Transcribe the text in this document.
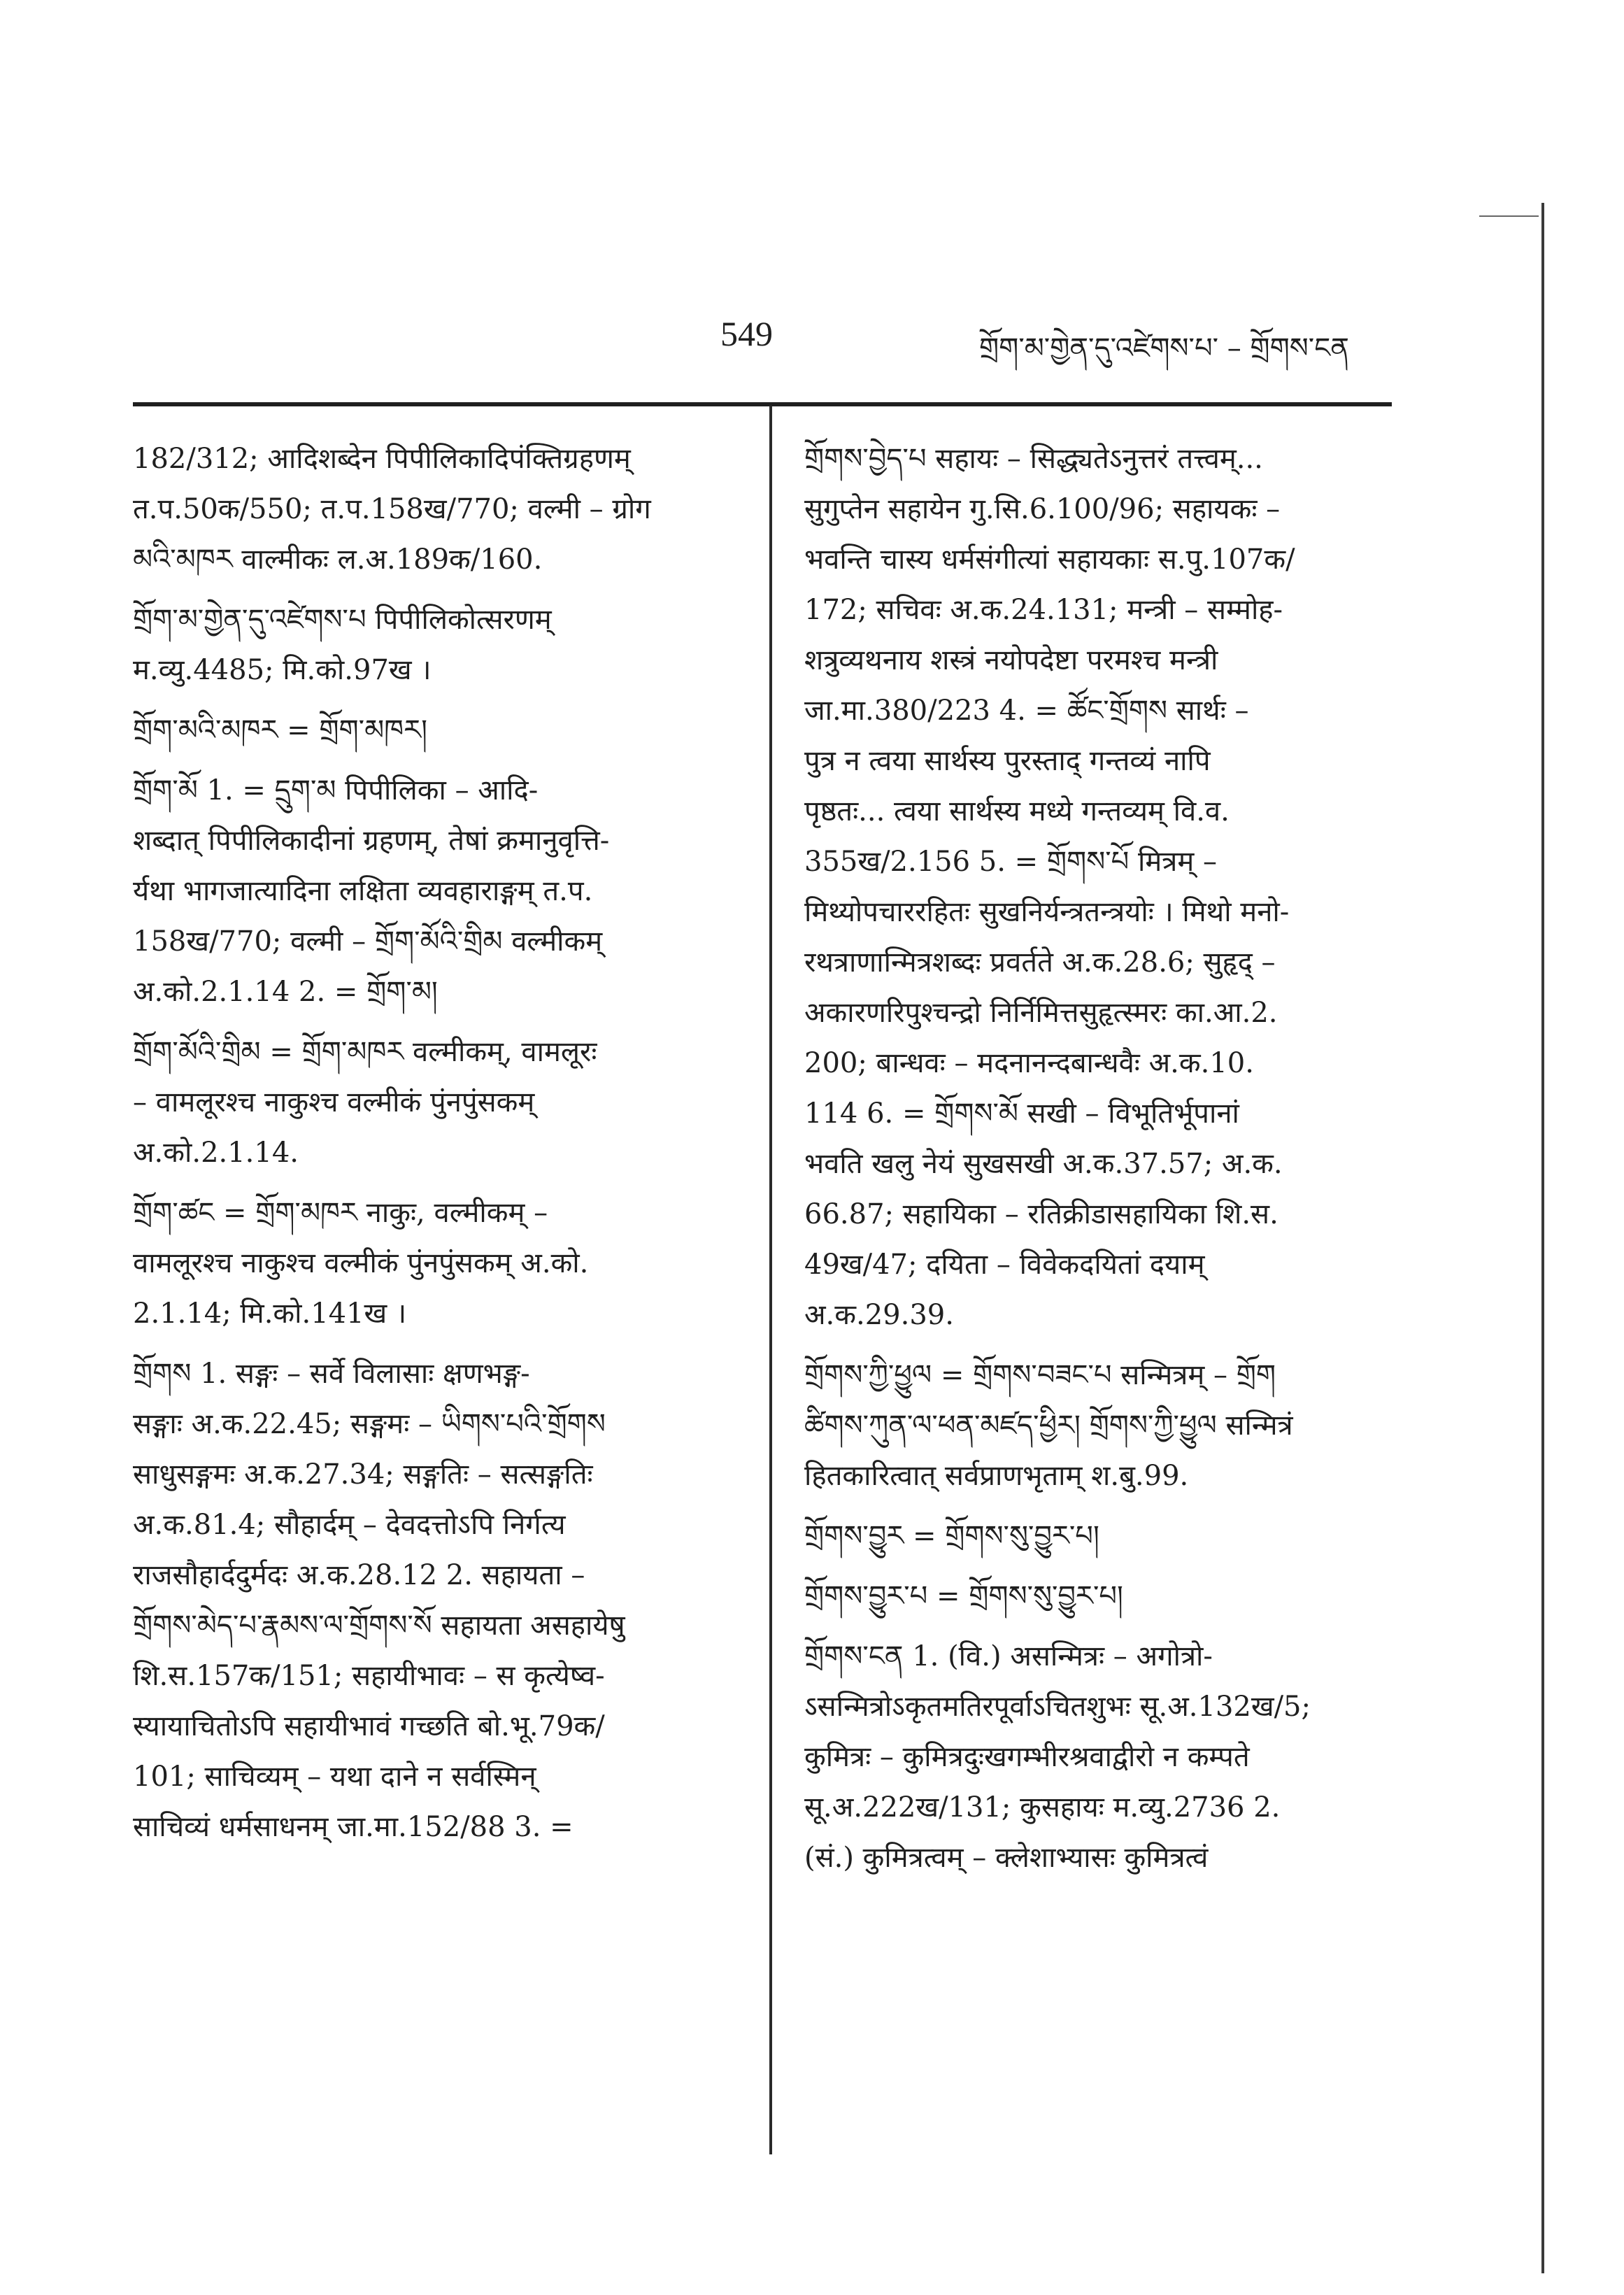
549	གྲོག་མ་གྱེན་དུ་འཛེགས་པ་ – གྲོགས་ངན
182/312; आदिशब्देन पिपीलिकादिपंक्तिग्रहणम्
त.प.50क/550; त.प.158ख/770; वल्मी – ग्रोग
མའི་མཁར वाल्मीकः ल.अ.189क/160.
གྲོག་མ་གྱེན་དུ་འཛེགས་པ पिपीलिकोत्सरणम्
म.व्यु.4485; मि.को.97ख ।
གྲོག་མའི་མཁར = གྲོག་མཁར།
གྲོག་མོ 1. = དྲུག་མ पिपीलिका – आदि-
शब्दात् पिपीलिकादीनां ग्रहणम्, तेषां क्रमानुवृत्ति-
र्यथा भागजात्यादिना लक्षिता व्यवहाराङ्गम् त.प.
158ख/770; वल्मी – གྲོག་མོའི་གྲིམ वल्मीकम्
अ.को.2.1.14 2. = གྲོག་མ།
གྲོག་མོའི་གྲིམ = གྲོག་མཁར वल्मीकम्, वामलूरः
– वामलूरश्च नाकुश्च वल्मीकं पुंनपुंसकम्
अ.को.2.1.14.
གྲོག་ཚང = གྲོག་མཁར नाकुः, वल्मीकम् –
वामलूरश्च नाकुश्च वल्मीकं पुंनपुंसकम् अ.को.
2.1.14; मि.को.141ख ।
གྲོགས 1. सङ्गः – सर्वे विलासाः क्षणभङ्ग-
सङ्गाः अ.क.22.45; सङ्गमः – ཡིགས་པའི་གྲོགས
साधुसङ्गमः अ.क.27.34; सङ्गतिः – सत्सङ्गतिः
अ.क.81.4; सौहार्दम् – देवदत्तोऽपि निर्गत्य
राजसौहार्ददुर्मदः अ.क.28.12 2. सहायता –
གྲོགས་མེད་པ་རྣམས་ལ་གྲོགས་སོ सहायता असहायेषु
शि.स.157क/151; सहायीभावः – स कृत्येष्व-
स्यायाचितोऽपि सहायीभावं गच्छति बो.भू.79क/
101; साचिव्यम् – यथा दाने न सर्वस्मिन्
साचिव्यं धर्मसाधनम् जा.मा.152/88 3. =
གྲོགས་བྱེད་པ सहायः – सिद्ध्यतेऽनुत्तरं तत्त्वम्...
सुगुप्तेन सहायेन गु.सि.6.100/96; सहायकः –
भवन्ति चास्य धर्मसंगीत्यां सहायकाः स.पु.107क/
172; सचिवः अ.क.24.131; मन्त्री – सम्मोह-
शत्रुव्यथनाय शस्त्रं नयोपदेष्टा परमश्च मन्त्री
जा.मा.380/223 4. = ཚོང་གྲོགས सार्थः –
पुत्र न त्वया सार्थस्य पुरस्ताद् गन्तव्यं नापि
पृष्ठतः... त्वया सार्थस्य मध्ये गन्तव्यम् वि.व.
355ख/2.156 5. = གྲོགས་པོ मित्रम् –
मिथ्योपचाररहितः सुखनिर्यन्त्रतन्त्रयोः । मिथो मनो-
रथत्राणान्मित्रशब्दः प्रवर्तते अ.क.28.6; सुहृद् –
अकारणरिपुश्चन्द्रो निर्निमित्तसुहृत्स्मरः का.आ.2.
200; बान्धवः – मदनानन्दबान्धवैः अ.क.10.
114 6. = གྲོགས་མོ सखी – विभूतिर्भूपानां
भवति खलु नेयं सुखसखी अ.क.37.57; अ.क.
66.87; सहायिका – रतिक्रीडासहायिका शि.स.
49ख/47; दयिता – विवेकदयितां दयाम्
अ.क.29.39.
གྲོགས་ཀྱི་ཕྱུལ = གྲོགས་བཟང་པ सन्मित्रम् – གྲོག
ཚིགས་ཀུན་ལ་ཕན་མཛད་ཕྱིར། གྲོགས་ཀྱི་ཕྱུལ सन्मित्रं
हितकारित्वात् सर्वप्राणभृताम् श.बु.99.
གྲོགས་བྱུར = གྲོགས་སུ་བྱུར་པ།
གྲོགས་བྱུར་པ = གྲོགས་སུ་བྱུར་པ།
གྲོགས་ངན 1. (वि.) असन्मित्रः – अगोत्रो-
ऽसन्मित्रोऽकृतमतिरपूर्वाऽचितशुभः सू.अ.132ख/5;
कुमित्रः – कुमित्रदुःखगम्भीरश्रवाद्वीरो न कम्पते
सू.अ.222ख/131; कुसहायः म.व्यु.2736 2.
(सं.) कुमित्रत्वम् – क्लेशाभ्यासः कुमित्रत्वं
